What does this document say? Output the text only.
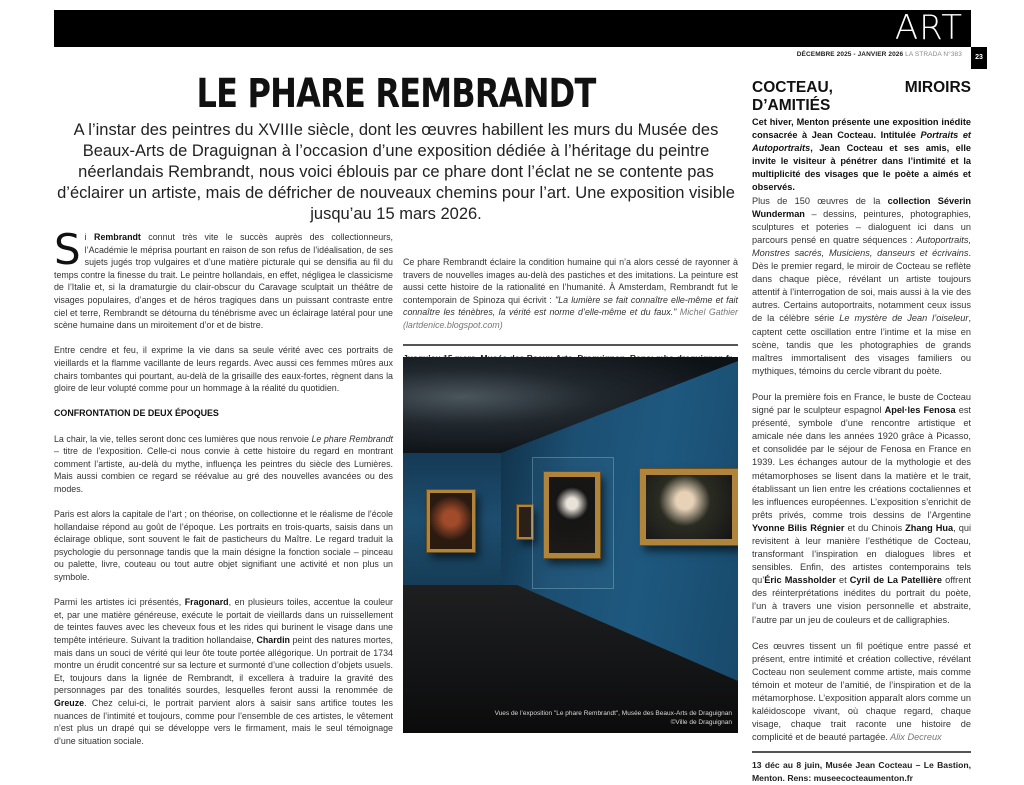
ART
DÉCEMBRE 2025 - JANVIER 2026 LA STRADA N°383	23
LE PHARE REMBRANDT
A l’instar des peintres du XVIIIe siècle, dont les œuvres habillent les murs du Musée des Beaux-Arts de Draguignan à l’occasion d’une exposition dédiée à l’héritage du peintre néerlandais Rembrandt, nous voici éblouis par ce phare dont l’éclat ne se contente pas d’éclairer un artiste, mais de défricher de nouveaux chemins pour l’art. Une exposition visible jusqu’au 15 mars 2026.

Si Rembrandt connut très vite le succès auprès des collectionneurs, l’Académie le méprisa pourtant en raison de son refus de l’idéalisation, de ses sujets jugés trop vulgaires et d’une matière picturale qui se densifia au fil du temps contre la finesse du trait. Le peintre hollandais, en effet, négligea le classicisme de l’Italie et, si la dramaturgie du clair-obscur du Caravage sculptait un théâtre de visages populaires, d’anges et de héros tragiques dans un puissant contraste entre ciel et terre, Rembrandt se détourna du ténébrisme avec un éclairage latéral pour une scène humaine dans un miroitement d’or et de bistre.

Entre cendre et feu, il exprime la vie dans sa seule vérité avec ces portraits de vieillards et la flamme vacillante de leurs regards. Avec aussi ces femmes mûres aux chairs tombantes qui pourtant, au-delà de la grisaille des eaux-fortes, règnent dans la gloire de leur volupté comme pour un hommage à la réalité du quotidien.

CONFRONTATION DE DEUX ÉPOQUES

La chair, la vie, telles seront donc ces lumières que nous renvoie Le phare Rembrandt – titre de l’exposition. Celle-ci nous convie à cette histoire du regard en montrant comment l’artiste, au-delà du mythe, influença les peintres du siècle des Lumières. Mais aussi combien ce regard se réévalue au gré des nouvelles avancées ou des modes.

Paris est alors la capitale de l’art ; on théorise, on collectionne et le réalisme de l’école hollandaise répond au goût de l’époque. Les portraits en trois-quarts, saisis dans un éclairage oblique, sont souvent le fait de pasticheurs du Maître. Le regard traduit la psychologie du personnage tandis que la main désigne la fonction sociale – pinceau ou palette, livre, couteau ou tout autre objet signifiant une activité et non plus un symbole.

Parmi les artistes ici présentés, Fragonard, en plusieurs toiles, accentue la couleur et, par une matière généreuse, exécute le portait de vieillards dans un ruissellement de teintes fauves avec les cheveux fous et les rides qui burinent le visage dans une tempête intérieure. Suivant la tradition hollandaise, Chardin peint des natures mortes, mais dans un souci de vérité qui leur ôte toute portée allégorique. Un portrait de 1734 montre un érudit concentré sur sa lecture et surmonté d’une collection d’objets usuels. Et, toujours dans la lignée de Rembrandt, il excellera à traduire la gravité des personnages par des tonalités sourdes, lesquelles feront aussi la renommée de Greuze. Chez celui-ci, le portrait parvient alors à saisir sans artifice toutes les nuances de l’intimité et toujours, comme pour l’ensemble de ces artistes, le vêtement n’est plus un drapé qui se développe vers le firmament, mais le seul témoignage d’une situation sociale.

Ce phare Rembrandt éclaire la condition humaine qui n’a alors cessé de rayonner à travers de nouvelles images au-delà des pastiches et des imitations. La peinture est aussi cette histoire de la rationalité en l’humanité. À Amsterdam, Rembrandt fut le contemporain de Spinoza qui écrivit : "La lumière se fait connaître elle-même et fait connaître les ténèbres, la vérité est norme d’elle-même et du faux." Michel Gathier (lartdenice.blogspot.com)

Vues de l’exposition "Le phare Rembrandt", Musée des Beaux-Arts de Draguignan
©Ville de Draguignan
COCTEAU, MIROIRS D’AMITIÉS

Cet hiver, Menton présente une exposition inédite consacrée à Jean Cocteau. Intitulée Portraits et Autoportraits, Jean Cocteau et ses amis, elle invite le visiteur à pénétrer dans l’intimité et la multiplicité des visages que le poète a aimés et observés.

Plus de 150 œuvres de la collection Séverin Wunderman – dessins, peintures, photographies, sculptures et poteries – dialoguent ici dans un parcours pensé en quatre séquences : Autoportraits, Monstres sacrés, Musiciens, danseurs et écrivains. Dès le premier regard, le miroir de Cocteau se reflète dans chaque pièce, révélant un artiste toujours attentif à l’interrogation de soi, mais aussi à la vie des autres. Certains autoportraits, notamment ceux issus de la célèbre série Le mystère de Jean l’oiseleur, captent cette oscillation entre l’intime et la mise en scène, tandis que les photographies de grands maîtres immortalisent des visages familiers ou mythiques, témoins du cercle vibrant du poète.

Pour la première fois en France, le buste de Cocteau signé par le sculpteur espagnol Apel·les Fenosa est présenté, symbole d’une rencontre artistique et amicale née dans les années 1920 grâce à Picasso, et consolidée par le séjour de Fenosa en France en 1939. Les échanges autour de la mythologie et des métamorphoses se lisent dans la matière et le trait, établissant un lien entre les créations coctaliennes et les influences européennes. L’exposition s’enrichit de prêts privés, comme trois dessins de l’Argentine Yvonne Bilis Régnier et du Chinois Zhang Hua, qui revisitent à leur manière l’esthétique de Cocteau, transformant l’inspiration en dialogues libres et sensibles. Enfin, des artistes contemporains tels qu’Éric Massholder et Cyril de La Patellière offrent des réinterprétations inédites du portrait du poète, l’un à travers une vision personnelle et abstraite, l’autre par un jeu de couleurs et de calligraphies.

Ces œuvres tissent un fil poétique entre passé et présent, entre intimité et création collective, révélant Cocteau non seulement comme artiste, mais comme témoin et moteur de l’amitié, de l’inspiration et de la métamorphose. L’exposition apparaît alors comme un kaléidoscope vivant, où chaque regard, chaque visage, chaque trait raconte une histoire de complicité et de beauté partagée. Alix Decreux

13 déc au 8 juin, Musée Jean Cocteau – Le Bastion, Menton. Rens: museecocteaumenton.fr
